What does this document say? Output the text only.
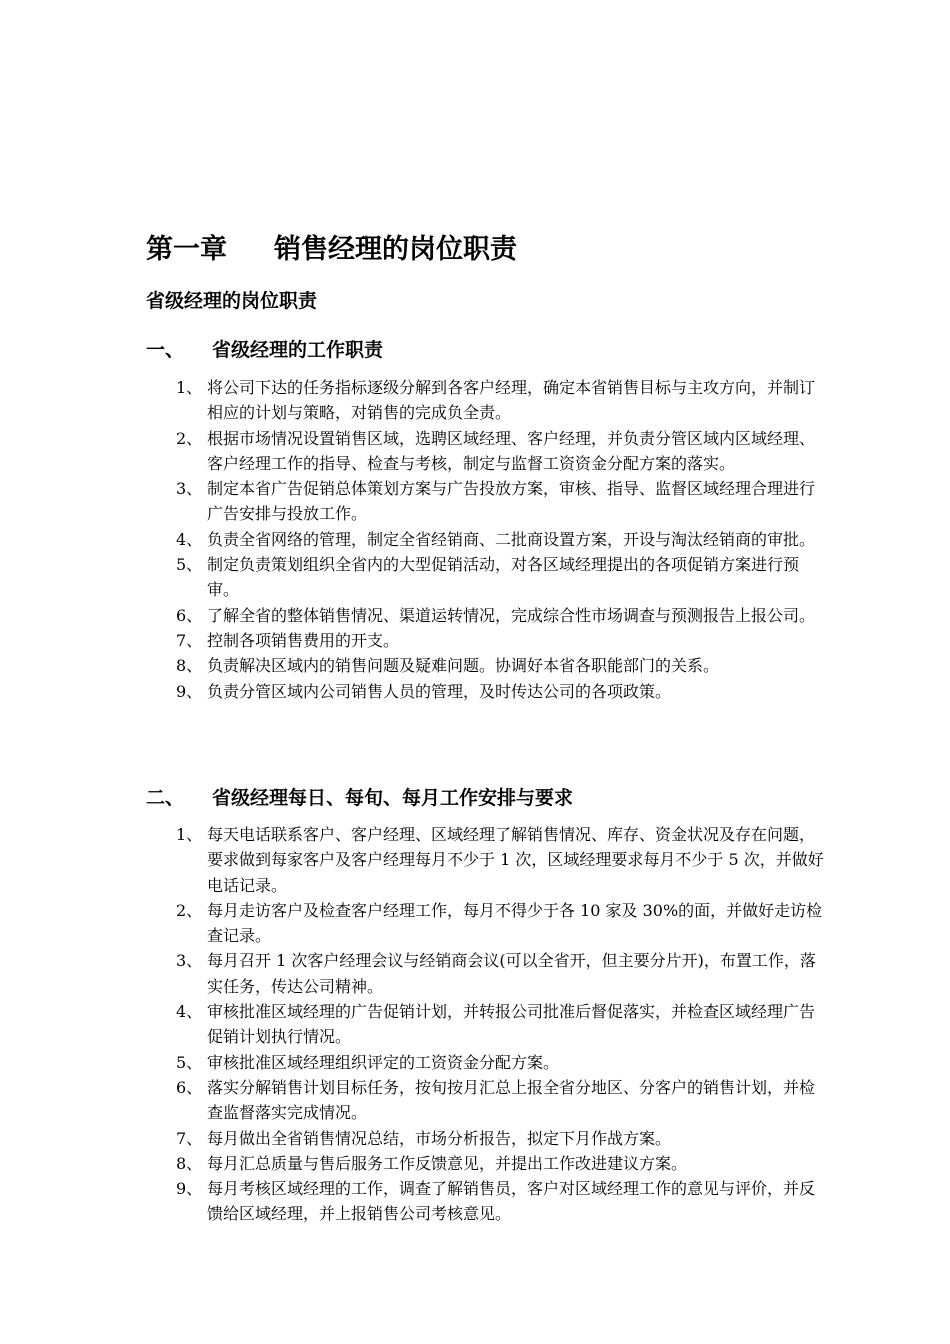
第一章 销售经理的岗位职责
省级经理的岗位职责
一、 省级经理的工作职责
1、 将公司下达的任务指标逐级分解到各客户经理，确定本省销售目标与主攻方向，并制订相应的计划与策略，对销售的完成负全责。
2、 根据市场情况设置销售区域，选聘区域经理、客户经理，并负责分管区域内区域经理、客户经理工作的指导、检查与考核，制定与监督工资资金分配方案的落实。
3、 制定本省广告促销总体策划方案与广告投放方案，审核、指导、监督区域经理合理进行广告安排与投放工作。
4、 负责全省网络的管理，制定全省经销商、二批商设置方案，开设与淘汰经销商的审批。
5、 制定负责策划组织全省内的大型促销活动，对各区域经理提出的各项促销方案进行预审。
6、 了解全省的整体销售情况、渠道运转情况，完成综合性市场调查与预测报告上报公司。
7、 控制各项销售费用的开支。
8、 负责解决区域内的销售问题及疑难问题。协调好本省各职能部门的关系。
9、 负责分管区域内公司销售人员的管理，及时传达公司的各项政策。
二、 省级经理每日、每旬、每月工作安排与要求
1、 每天电话联系客户、客户经理、区域经理了解销售情况、库存、资金状况及存在问题，要求做到每家客户及客户经理每月不少于 1 次，区域经理要求每月不少于 5 次，并做好电话记录。
2、 每月走访客户及检查客户经理工作，每月不得少于各 10 家及 30%的面，并做好走访检查记录。
3、 每月召开 1 次客户经理会议与经销商会议(可以全省开，但主要分片开)，布置工作，落实任务，传达公司精神。
4、 审核批准区域经理的广告促销计划，并转报公司批准后督促落实，并检查区域经理广告促销计划执行情况。
5、 审核批准区域经理组织评定的工资资金分配方案。
6、 落实分解销售计划目标任务，按旬按月汇总上报全省分地区、分客户的销售计划，并检查监督落实完成情况。
7、 每月做出全省销售情况总结，市场分析报告，拟定下月作战方案。
8、 每月汇总质量与售后服务工作反馈意见，并提出工作改进建议方案。
9、 每月考核区域经理的工作，调查了解销售员，客户对区域经理工作的意见与评价，并反馈给区域经理，并上报销售公司考核意见。
